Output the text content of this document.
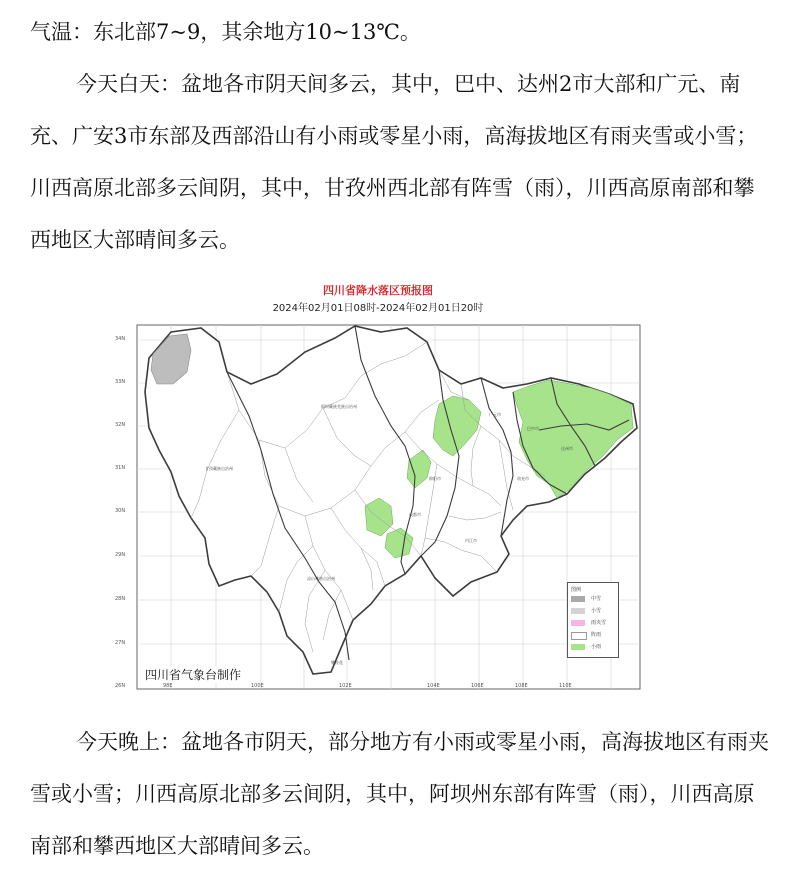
气温：东北部7~9，其余地方10~13℃。

今天白天：盆地各市阴天间多云，其中，巴中、达州2市大部和广元、南充、广安3市东部及西部沿山有小雨或零星小雨，高海拔地区有雨夹雪或小雪；川西高原北部多云间阴，其中，甘孜州西北部有阵雪（雨），川西高原南部和攀西地区大部晴间多云。

阿坝藏族羌族自治州
甘孜藏族自治州
凉山彝族自治州
巴中市
达州市
广元市
南充市
绵阳市
成都市
内江市
攀枝花
四川省降水落区预报图
2024年02月01日08时-2024年02月01日20时
34N
33N
32N
31N
30N
29N
28N
27N
26N	98E	100E	102E	104E	106E	108E	110E
四川省气象台制作
图例
中雪
小雪
雨夹雪
阵雨
小雨

今天晚上：盆地各市阴天，部分地方有小雨或零星小雨，高海拔地区有雨夹雪或小雪；川西高原北部多云间阴，其中，阿坝州东部有阵雪（雨），川西高原南部和攀西地区大部晴间多云。
